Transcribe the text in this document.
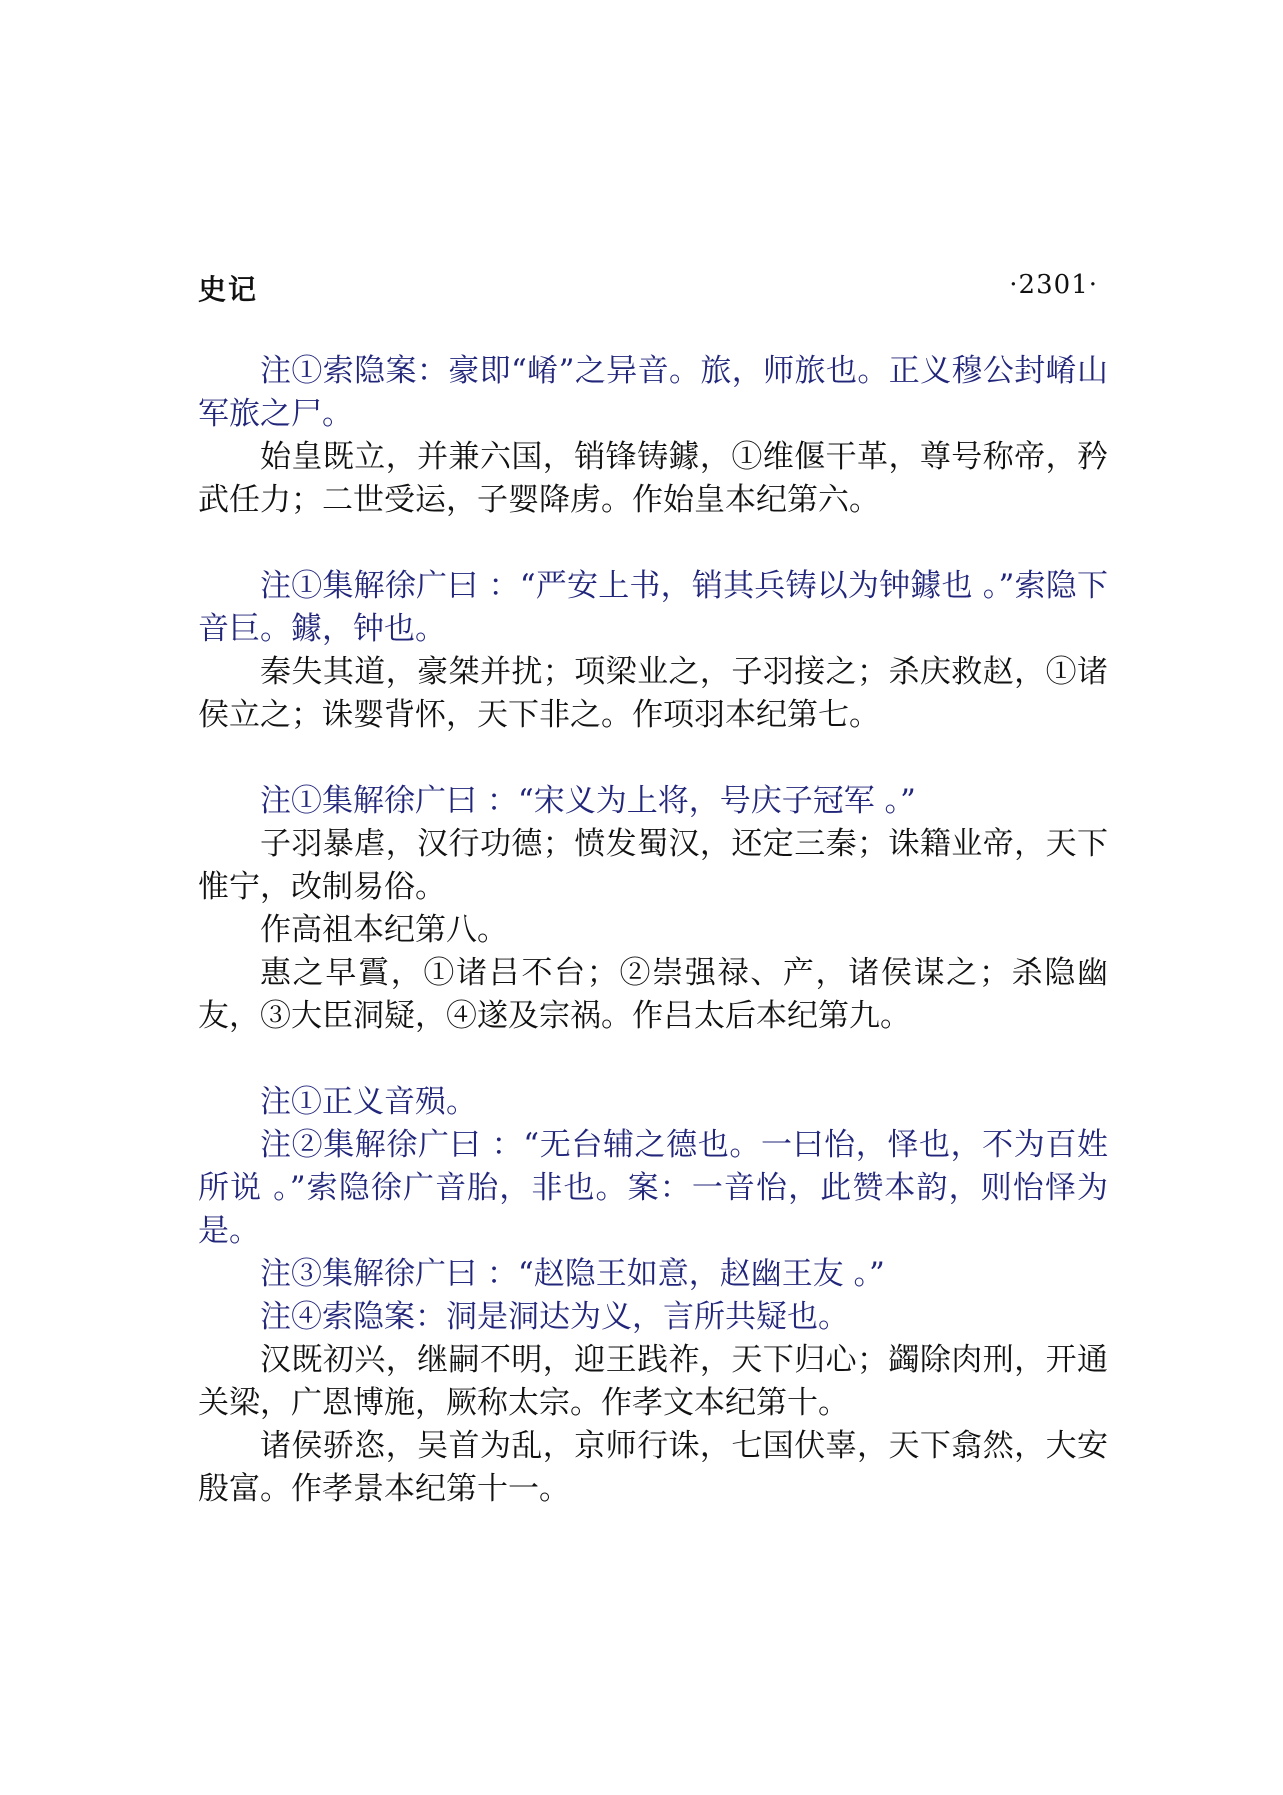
史记	·2301·

注①索隐案：豪即“崤”之异音。旅，师旅也。正义穆公封崤山军旅之尸。

始皇既立，并兼六国，销锋铸鐻，①维偃干革，尊号称帝，矜武任力；二世受运，子婴降虏。作始皇本纪第六。

注①集解徐广曰 ：“严安上书，销其兵铸以为钟鐻也 。”索隐下音巨。鐻，钟也。

秦失其道，豪桀并扰；项梁业之，子羽接之；杀庆救赵，①诸侯立之；诛婴背怀，天下非之。作项羽本纪第七。

注①集解徐广曰 ：“宋义为上将，号庆子冠军 。”

子羽暴虐，汉行功德；愤发蜀汉，还定三秦；诛籍业帝，天下惟宁，改制易俗。

作高祖本纪第八。

惠之早霣，①诸吕不台；②崇强禄、产，诸侯谋之；杀隐幽友，③大臣洞疑，④遂及宗祸。作吕太后本纪第九。

注①正义音殒。

注②集解徐广曰 ：“无台辅之德也。一曰怡，怿也，不为百姓所说 。”索隐徐广音胎，非也。案：一音怡，此赞本韵，则怡怿为是。

注③集解徐广曰 ：“赵隐王如意，赵幽王友 。”

注④索隐案：洞是洞达为义，言所共疑也。

汉既初兴，继嗣不明，迎王践祚，天下归心；蠲除肉刑，开通关梁，广恩博施，厥称太宗。作孝文本纪第十。

诸侯骄恣，吴首为乱，京师行诛，七国伏辜，天下翕然，大安殷富。作孝景本纪第十一。
